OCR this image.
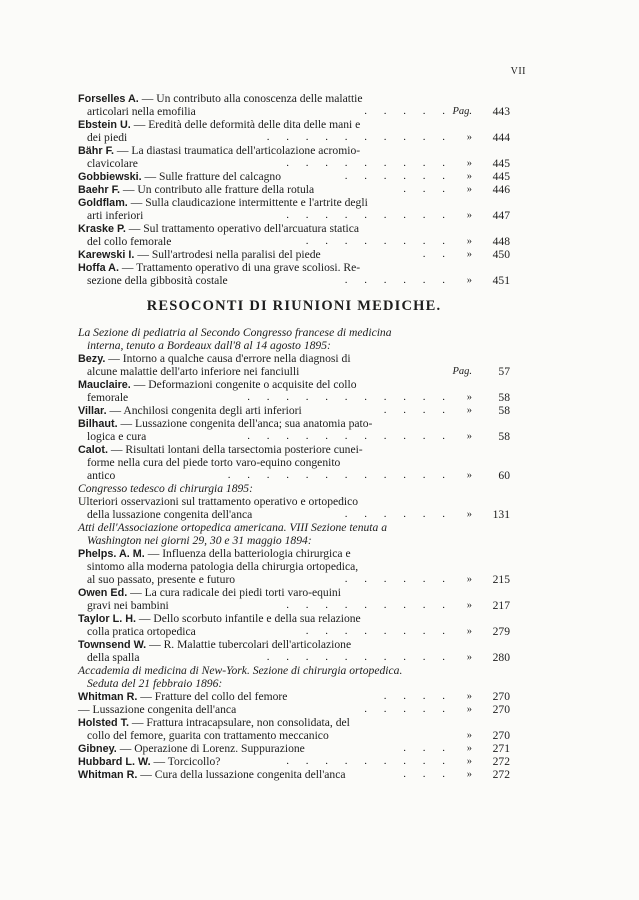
VII
Forselles A. — Un contributo alla conoscenza delle malattie
articolari nella emofilia	. . . . . Pag.	443
Ebstein U. — Eredità delle deformità delle dita delle mani e
dei piedi	. . . . . . . . . . »	444
Bähr F. — La diastasi traumatica dell'articolazione acromio-
clavicolare	. . . . . . . . . »	445
Gobbiewski. — Sulle fratture del calcagno	. . . . . . »	445
Baehr F. — Un contributo alle fratture della rotula	. . . »	446
Goldflam. — Sulla claudicazione intermittente e l'artrite degli
arti inferiori	. . . . . . . . . »	447
Kraske P. — Sul trattamento operativo dell'arcuatura statica
del collo femorale	. . . . . . . . »	448
Karewski I. — Sull'artrodesi nella paralisi del piede	. . »	450
Hoffa A. — Trattamento operativo di una grave scoliosi. Re-
sezione della gibbosità costale	. . . . . . »	451
RESOCONTI DI RIUNIONI MEDICHE.
La Sezione di pediatria al Secondo Congresso francese di medicina
interna, tenuto a Bordeaux dall'8 al 14 agosto 1895:
Bezy. — Intorno a qualche causa d'errore nella diagnosi di
alcune malattie dell'arto inferiore nei fanciulli	Pag.	57
Mauclaire. — Deformazioni congenite o acquisite del collo
femorale	. . . . . . . . . . . »	58
Villar. — Anchilosi congenita degli arti inferiori	. . . . »	58
Bilhaut. — Lussazione congenita dell'anca; sua anatomia pato-
logica e cura	. . . . . . . . . . . »	58
Calot. — Risultati lontani della tarsectomia posteriore cunei-
forme nella cura del piede torto varo-equino congenito
antico	. . . . . . . . . . . . »	60
Congresso tedesco di chirurgia 1895:
Ulteriori osservazioni sul trattamento operativo e ortopedico
della lussazione congenita dell'anca	. . . . . . »	131
Atti dell'Associazione ortopedica americana. VIII Sezione tenuta a
Washington nei giorni 29, 30 e 31 maggio 1894:
Phelps. A. M. — Influenza della batteriologia chirurgica e
sintomo alla moderna patologia della chirurgia ortopedica,
al suo passato, presente e futuro	. . . . . . »	215
Owen Ed. — La cura radicale dei piedi torti varo-equini
gravi nei bambini	. . . . . . . . . »	217
Taylor L. H. — Dello scorbuto infantile e della sua relazione
colla pratica ortopedica	. . . . . . . . »	279
Townsend W. — R. Malattie tubercolari dell'articolazione
della spalla	. . . . . . . . . . »	280
Accademia di medicina di New-York. Sezione di chirurgia ortopedica.
Seduta del 21 febbraio 1896:
Whitman R. — Fratture del collo del femore	. . . . »	270
— Lussazione congenita dell'anca	. . . . . »	270
Holsted T. — Frattura intracapsulare, non consolidata, del
collo del femore, guarita con trattamento meccanico	»	270
Gibney. — Operazione di Lorenz. Suppurazione	. . . »	271
Hubbard L. W. — Torcicollo?	. . . . . . . . . »	272
Whitman R. — Cura della lussazione congenita dell'anca	. . . »	272
